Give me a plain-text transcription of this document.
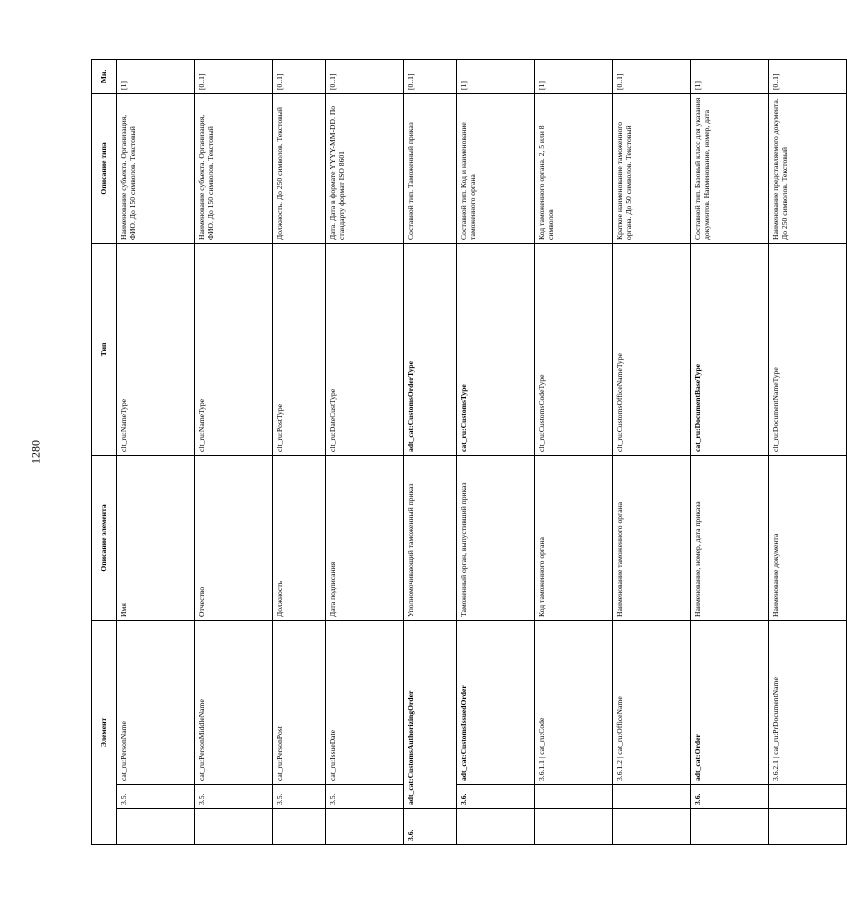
1280
Элемент			Описание элемента	Тип	Описание типа	Мн.
	3.5.	cat_ru:PersonName	Имя	clt_ru:NameType	Наименование субъекта. Организация, ФИО. До 150 символов. Текстовый	[1]
	3.5.	cat_ru:PersonMiddleName	Отчество	clt_ru:NameType	Наименование субъекта. Организация, ФИО. До 150 символов. Текстовый	[0..1]
	3.5.	cat_ru:PersonPost	Должность	clt_ru:PostType	Должность. До 250 символов. Текстовый	[0..1]
	3.5.	cat_ru:IssueDate	Дата подписания	clt_ru:DateCustType	Дата. Дата в формате YYYY-MM-DD. По стандарту формат ISO 8601	[0..1]
3.6.	adt_cat:CustomsAuthorizingOrder		Уполномочивающий таможенный приказ	adt_cat:CustomsOrderType	Составной тип. Таможенный приказ	[0..1]
	3.6.	adt_cat:CustomsIssuedOrder	Таможенный орган, выпустивший приказ	cat_ru:CustomsType	Составной тип. Код и наименование таможенного органа	[1]
		3.6.1.1 | cat_ru:Code	Код таможенного органа	clt_ru:CustomsCodeType	Код таможенного органа. 2, 5 или 8 символов	[1]
		3.6.1.2 | cat_ru:OfficeName	Наименование таможенного органа	clt_ru:CustomsOfficeNameType	Краткое наименование таможенного органа. До 50 символов. Текстовый	[0..1]
	3.6.	adt_cat:Order	Наименование, номер, дата приказа	cat_ru:DocumentBaseType	Составной тип. Базовый класс для указания документов. Наименование, номер, дата	[1]
		3.6.2.1 | cat_ru:PrDocumentName	Наименование документа	clt_ru:DocumentNameType	Наименование представляемого документа. До 250 символов. Текстовый	[0..1]
